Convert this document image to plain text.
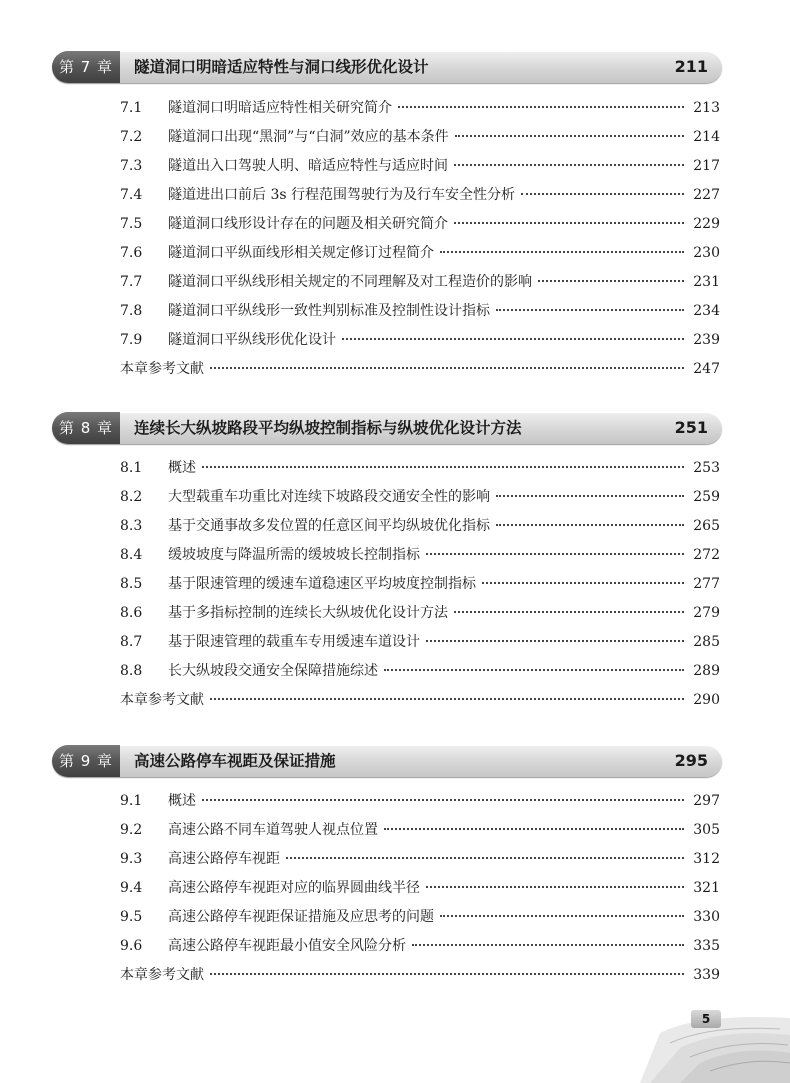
第 7 章	隧道洞口明暗适应特性与洞口线形优化设计	211
7.1	隧道洞口明暗适应特性相关研究简介	213
7.2	隧道洞口出现“黑洞”与“白洞”效应的基本条件	214
7.3	隧道出入口驾驶人明、暗适应特性与适应时间	217
7.4	隧道进出口前后 3s 行程范围驾驶行为及行车安全性分析	227
7.5	隧道洞口线形设计存在的问题及相关研究简介	229
7.6	隧道洞口平纵面线形相关规定修订过程简介	230
7.7	隧道洞口平纵线形相关规定的不同理解及对工程造价的影响	231
7.8	隧道洞口平纵线形一致性判别标准及控制性设计指标	234
7.9	隧道洞口平纵线形优化设计	239
本章参考文献	247
第 8 章	连续长大纵坡路段平均纵坡控制指标与纵坡优化设计方法	251
8.1	概述	253
8.2	大型载重车功重比对连续下坡路段交通安全性的影响	259
8.3	基于交通事故多发位置的任意区间平均纵坡优化指标	265
8.4	缓坡坡度与降温所需的缓坡坡长控制指标	272
8.5	基于限速管理的缓速车道稳速区平均坡度控制指标	277
8.6	基于多指标控制的连续长大纵坡优化设计方法	279
8.7	基于限速管理的载重车专用缓速车道设计	285
8.8	长大纵坡段交通安全保障措施综述	289
本章参考文献	290
第 9 章	高速公路停车视距及保证措施	295
9.1	概述	297
9.2	高速公路不同车道驾驶人视点位置	305
9.3	高速公路停车视距	312
9.4	高速公路停车视距对应的临界圆曲线半径	321
9.5	高速公路停车视距保证措施及应思考的问题	330
9.6	高速公路停车视距最小值安全风险分析	335
本章参考文献	339
5
